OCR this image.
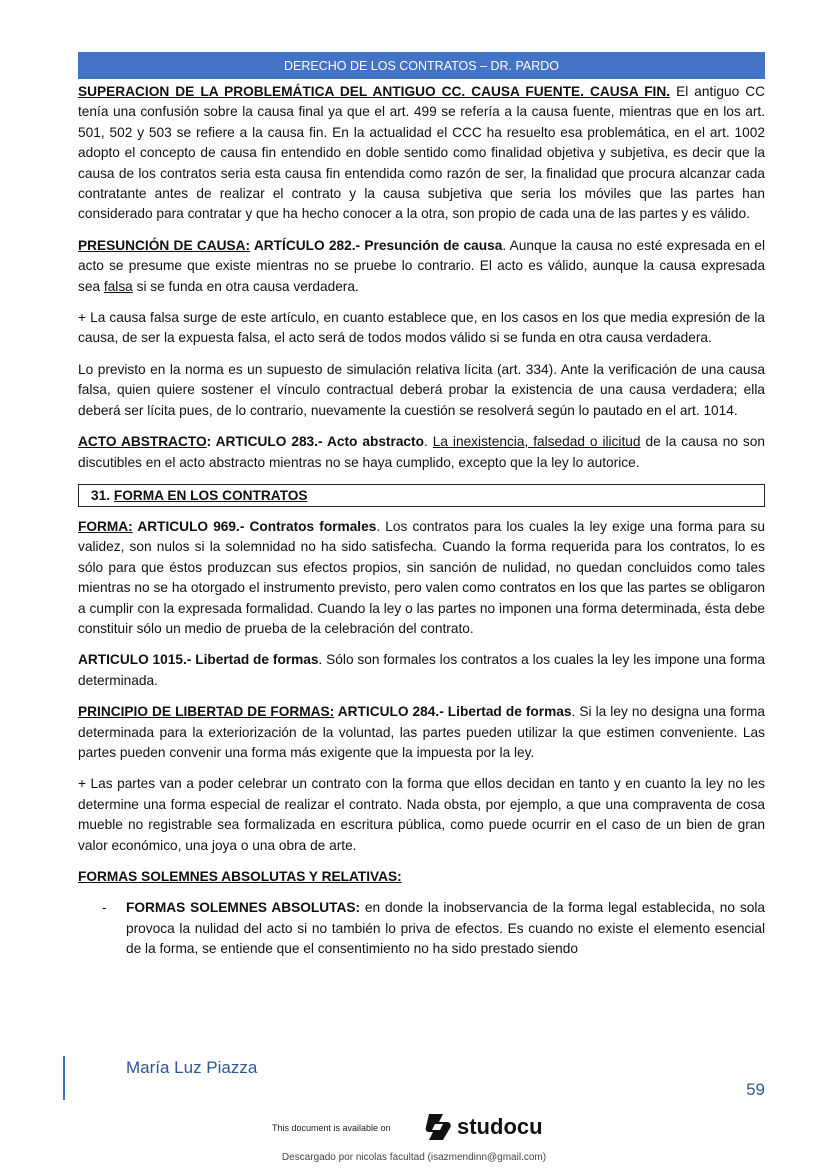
DERECHO DE LOS CONTRATOS – DR. PARDO

SUPERACION DE LA PROBLEMÁTICA DEL ANTIGUO CC. CAUSA FUENTE. CAUSA FIN. El antiguo CC tenía una confusión sobre la causa final ya que el art. 499 se refería a la causa fuente, mientras que en los art. 501, 502 y 503 se refiere a la causa fin. En la actualidad el CCC ha resuelto esa problemática, en el art. 1002 adopto el concepto de causa fin entendido en doble sentido como finalidad objetiva y subjetiva, es decir que la causa de los contratos seria esta causa fin entendida como razón de ser, la finalidad que procura alcanzar cada contratante antes de realizar el contrato y la causa subjetiva que seria los móviles que las partes han considerado para contratar y que ha hecho conocer a la otra, son propio de cada una de las partes y es válido.

PRESUNCIÓN DE CAUSA: ARTÍCULO 282.- Presunción de causa. Aunque la causa no esté expresada en el acto se presume que existe mientras no se pruebe lo contrario. El acto es válido, aunque la causa expresada sea falsa si se funda en otra causa verdadera.

+ La causa falsa surge de este artículo, en cuanto establece que, en los casos en los que media expresión de la causa, de ser la expuesta falsa, el acto será de todos modos válido si se funda en otra causa verdadera.

Lo previsto en la norma es un supuesto de simulación relativa lícita (art. 334). Ante la verificación de una causa falsa, quien quiere sostener el vínculo contractual deberá probar la existencia de una causa verdadera; ella deberá ser lícita pues, de lo contrario, nuevamente la cuestión se resolverá según lo pautado en el art. 1014.

ACTO ABSTRACTO: ARTICULO 283.- Acto abstracto. La inexistencia, falsedad o ilicitud de la causa no son discutibles en el acto abstracto mientras no se haya cumplido, excepto que la ley lo autorice.

31. FORMA EN LOS CONTRATOS

FORMA: ARTICULO 969.- Contratos formales. Los contratos para los cuales la ley exige una forma para su validez, son nulos si la solemnidad no ha sido satisfecha. Cuando la forma requerida para los contratos, lo es sólo para que éstos produzcan sus efectos propios, sin sanción de nulidad, no quedan concluidos como tales mientras no se ha otorgado el instrumento previsto, pero valen como contratos en los que las partes se obligaron a cumplir con la expresada formalidad. Cuando la ley o las partes no imponen una forma determinada, ésta debe constituir sólo un medio de prueba de la celebración del contrato.

ARTICULO 1015.- Libertad de formas. Sólo son formales los contratos a los cuales la ley les impone una forma determinada.

PRINCIPIO DE LIBERTAD DE FORMAS: ARTICULO 284.- Libertad de formas. Si la ley no designa una forma determinada para la exteriorización de la voluntad, las partes pueden utilizar la que estimen conveniente. Las partes pueden convenir una forma más exigente que la impuesta por la ley.

+ Las partes van a poder celebrar un contrato con la forma que ellos decidan en tanto y en cuanto la ley no les determine una forma especial de realizar el contrato. Nada obsta, por ejemplo, a que una compraventa de cosa mueble no registrable sea formalizada en escritura pública, como puede ocurrir en el caso de un bien de gran valor económico, una joya o una obra de arte.

FORMAS SOLEMNES ABSOLUTAS Y RELATIVAS:

-	FORMAS SOLEMNES ABSOLUTAS: en donde la inobservancia de la forma legal establecida, no sola provoca la nulidad del acto si no también lo priva de efectos. Es cuando no existe el elemento esencial de la forma, se entiende que el consentimiento no ha sido prestado siendo
María Luz Piazza
59
This document is available on	studocu
Descargado por nicolas facultad (isazmendinn@gmail.com)
